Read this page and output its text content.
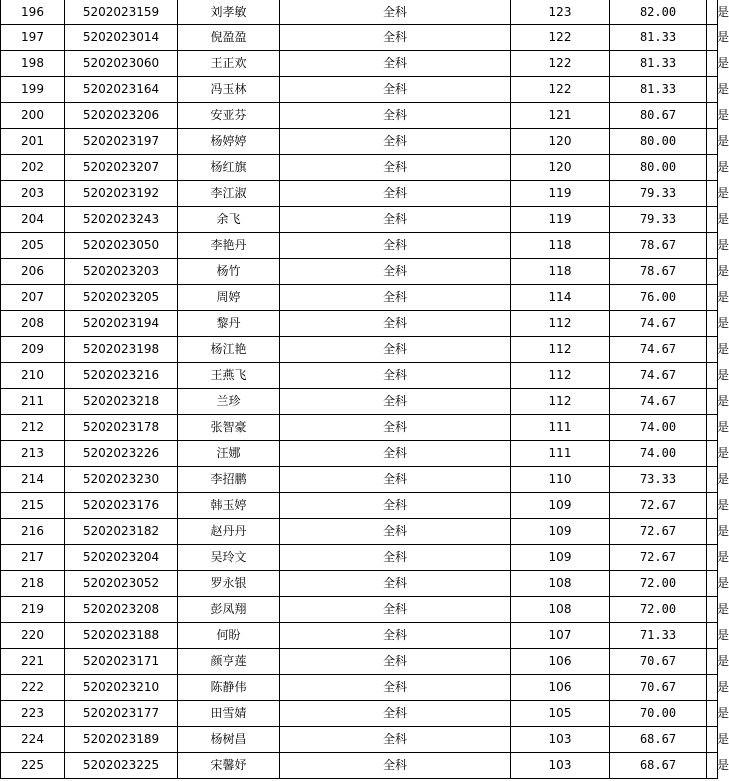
196	5202023159	刘孝敏	全科	123	82.00	是
197	5202023014	倪盈盈	全科	122	81.33	是
198	5202023060	王正欢	全科	122	81.33	是
199	5202023164	冯玉林	全科	122	81.33	是
200	5202023206	安亚芬	全科	121	80.67	是
201	5202023197	杨婷婷	全科	120	80.00	是
202	5202023207	杨红旗	全科	120	80.00	是
203	5202023192	李江淑	全科	119	79.33	是
204	5202023243	余飞	全科	119	79.33	是
205	5202023050	李艳丹	全科	118	78.67	是
206	5202023203	杨竹	全科	118	78.67	是
207	5202023205	周婷	全科	114	76.00	是
208	5202023194	黎丹	全科	112	74.67	是
209	5202023198	杨江艳	全科	112	74.67	是
210	5202023216	王燕飞	全科	112	74.67	是
211	5202023218	兰珍	全科	112	74.67	是
212	5202023178	张智豪	全科	111	74.00	是
213	5202023226	汪娜	全科	111	74.00	是
214	5202023230	李招鹏	全科	110	73.33	是
215	5202023176	韩玉婷	全科	109	72.67	是
216	5202023182	赵丹丹	全科	109	72.67	是
217	5202023204	吴玲文	全科	109	72.67	是
218	5202023052	罗永银	全科	108	72.00	是
219	5202023208	彭凤翔	全科	108	72.00	是
220	5202023188	何盼	全科	107	71.33	是
221	5202023171	颜亨莲	全科	106	70.67	是
222	5202023210	陈静伟	全科	106	70.67	是
223	5202023177	田雪婧	全科	105	70.00	是
224	5202023189	杨树昌	全科	103	68.67	是
225	5202023225	宋馨妤	全科	103	68.67	是
